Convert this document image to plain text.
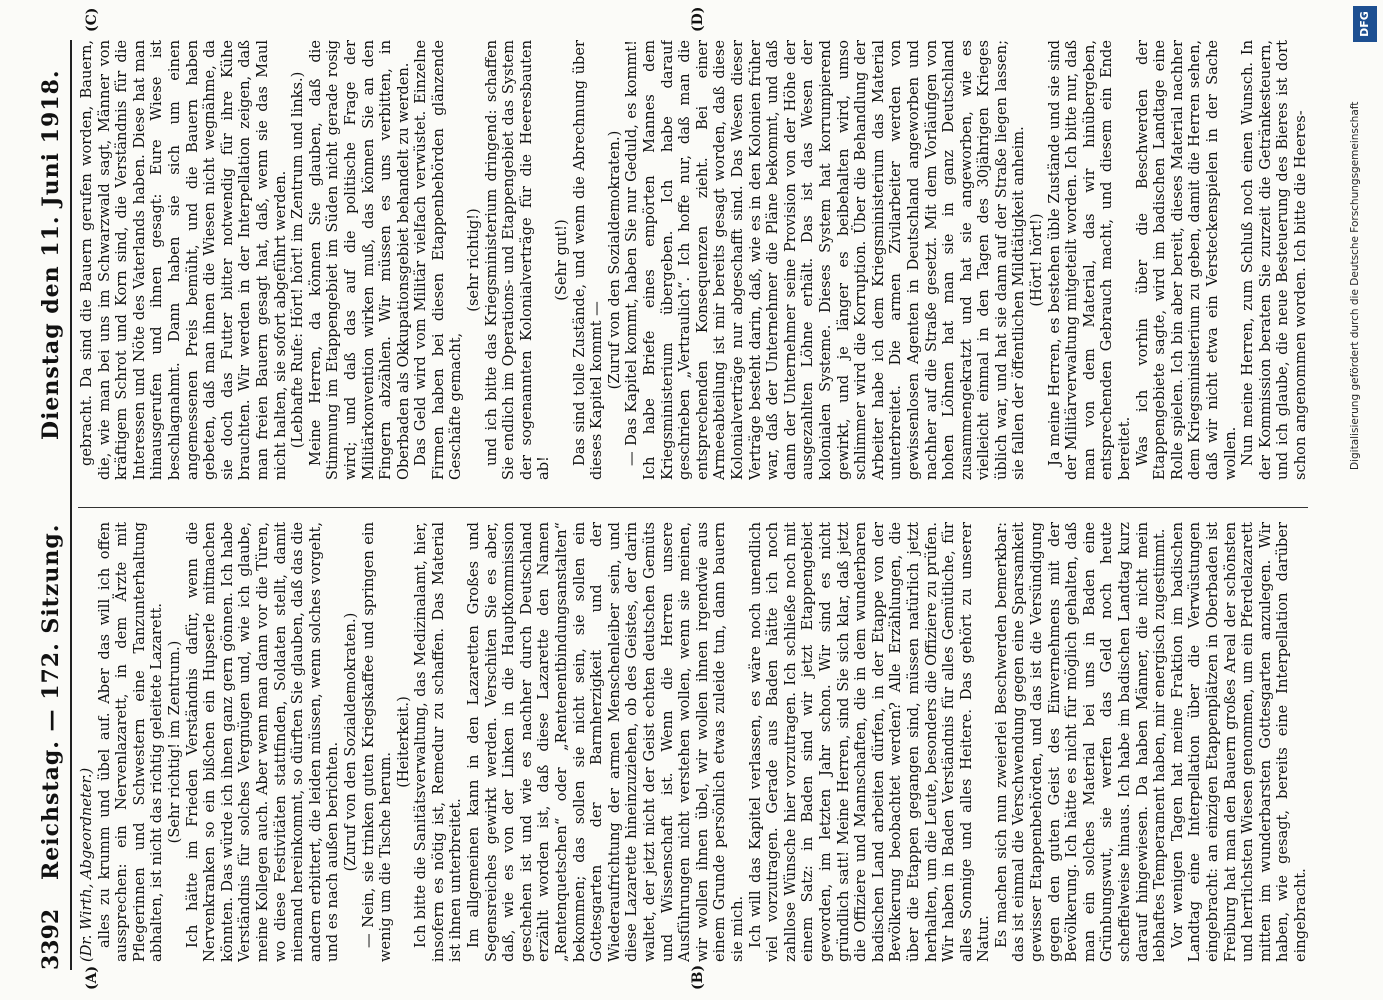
3392
Reichstag. — 172. Sitzung.
Dienstag den 11. Juni 1918.
(A)	(B)
(C)	(D)

(Dr. Wirth, Abgeordneter.) alles zu krumm und übel auf. Aber das will ich offen aussprechen: ein Nervenlazarett, in dem Ärzte mit Pflegerinnen und Schwestern eine Tanzunterhaltung abhalten, ist nicht das richtig geleitete Lazarett. (Sehr richtig! im Zentrum.) Ich hätte im Frieden Verständnis dafür, wenn die Nervenkranken so ein bißchen ein Hupserle mitmachen könnten. Das würde ich ihnen ganz gern gönnen. Ich habe Verständnis für solches Vergnügen und, wie ich glaube, meine Kollegen auch. Aber wenn man dann vor die Türen, wo diese Festivitäten stattfinden, Soldaten stellt, damit niemand hereinkommt, so dürften Sie glauben, daß das die andern erbittert, die leiden müssen, wenn solches vorgeht, und es nach außen berichten. (Zuruf von den Sozialdemokraten.) — Nein, sie trinken guten Kriegskaffee und springen ein wenig um die Tische herum.

(Heiterkeit.) Ich bitte die Sanitätsverwaltung, das Medizinalamt, hier, insofern es nötig ist, Remedur zu schaffen. Das Material ist ihnen unterbreitet. Im allgemeinen kann in den Lazaretten Großes und Segensreiches gewirkt werden. Verschiten Sie es aber, daß, wie es von der Linken in die Hauptkommission geschehen ist und wie es nachher durch Deutschland erzählt worden ist, daß diese Lazarette den Namen „Rentenquetschen“ oder „Rentenentbindungsanstalten“ bekommen; das sollen sie nicht sein, sie sollen ein Gottesgarten der Barmherzigkeit und der Wiederaufrichtung der armen Menschenleiber sein, und diese Lazarette hineinzuziehen, ob des Geistes, der darin waltet, der jetzt nicht der Geist echten deutschen Gemüts und Wissenschaft ist. Wenn die Herren unsere Ausführungen nicht verstehen wollen, wenn sie meinen, wir wollen ihnen übel, wir wollen ihnen irgendwie aus einem Grunde persönlich etwas zuleide tun, dann bauern sie mich. Ich will das Kapitel verlassen, es wäre noch unendlich viel vorzutragen. Gerade aus Baden hätte ich noch zahllose Wünsche hier vorzutragen. Ich schließe noch mit einem Satz: in Baden sind wir jetzt Etappengebiet geworden, im letzten Jahr schon. Wir sind es nicht gründlich satt! Meine Herren, sind Sie sich klar, daß jetzt die Offiziere und Mannschaften, die in dem wunderbaren badischen Land arbeiten dürfen, in der Etappe von der Bevölkerung beobachtet werden? Alle Erzählungen, die über die Etappen gegangen sind, müssen natürlich jetzt herhalten, um die Leute, besonders die Offiziere zu prüfen. Wir haben in Baden Verständnis für alles Gemütliche, für alles Sonnige und alles Heitere. Das gehört zu unserer Natur. Es machen sich nun zweierlei Beschwerden bemerkbar: das ist einmal die Verschwendung gegen eine Sparsamkeit gewisser Etappenbehörden, und das ist die Versündigung gegen den guten Geist des Einvernehmens mit der Bevölkerung. Ich hätte es nicht für möglich gehalten, daß man ein solches Material bei uns in Baden eine Grünbungswut, sie werfen das Geld noch heute scheffelweise hinaus. Ich habe im badischen Landtag kurz darauf hingewiesen. Da haben Männer, die nicht mein lebhaftes Temperament haben, mir energisch zugestimmt. Vor wenigen Tagen hat meine Fraktion im badischen Landtag eine Interpellation über die Verwüstungen eingebracht: an einzigen Etappenplätzen in Oberbaden ist Freiburg hat man den Bauern großes Areal der schönsten und herrlichsten Wiesen genommen, um ein Pferdelazarett mitten im wunderbarsten Gottesgarten anzulegen. Wir haben, wie gesagt, bereits eine Interpellation darüber eingebracht.

gebracht. Da sind die Bauern gerufen worden, Bauern, die, wie man bei uns im Schwarzwald sagt, Männer von kräftigem Schrot und Korn sind, die Verständnis für die Interessen und Nöte des Vaterlands haben. Diese hat man hinausgerufen und ihnen gesagt: Eure Wiese ist beschlagnahmt. Dann haben sie sich um einen angemessenen Preis bemüht, und die Bauern haben gebeten, daß man ihnen die Wiesen nicht wegnähme, da sie doch das Futter bitter notwendig für ihre Kühe brauchten. Wir werden in der Interpellation zeigen, daß man freien Bauern gesagt hat, daß, wenn sie das Maul nicht halten, sie sofort abgeführt werden. (Lebhafte Rufe: Hört! hört! im Zentrum und links.) Meine Herren, da können Sie glauben, daß die Stimmung im Etappengebiet im Süden nicht gerade rosig wird; und daß das auf die politische Frage der Militärkonvention wirken muß, das können Sie an den Fingern abzählen. Wir müssen es uns verbitten, in Oberbaden als Okkupationsgebiet behandelt zu werden. Das Geld wird vom Militär vielfach verwüstet. Einzelne Firmen haben bei diesen Etappenbehörden glänzende Geschäfte gemacht,

(sehr richtig!) und ich bitte das Kriegsministerium dringend: schaffen Sie endlich im Operations- und Etappengebiet das System der sogenannten Kolonialverträge für die Heeresbauten ab!

(Sehr gut!) Das sind tolle Zustände, und wenn die Abrechnung über dieses Kapitel kommt —

(Zuruf von den Sozialdemokraten.) — Das Kapitel kommt, haben Sie nur Geduld, es kommt! Ich habe Briefe eines empörten Mannes dem Kriegsministerium übergeben. Ich habe darauf geschrieben „Vertraulich“. Ich hoffe nur, daß man die entsprechenden Konsequenzen zieht. Bei einer Armeeabteilung ist mir bereits gesagt worden, daß diese Kolonialverträge nur abgeschafft sind. Das Wesen dieser Verträge besteht darin, daß, wie es in den Kolonien früher war, daß der Unternehmer die Pläne bekommt, und daß dann der Unternehmer seine Provision von der Höhe der ausgezahlten Löhne erhält. Das ist das Wesen der kolonialen Systeme. Dieses System hat korrumpierend gewirkt, und je länger es beibehalten wird, umso schlimmer wird die Korruption. Über die Behandlung der Arbeiter habe ich dem Kriegsministerium das Material unterbreitet. Die armen Zivilarbeiter werden von gewissenlosen Agenten in Deutschland angeworben und nachher auf die Straße gesetzt. Mit dem Vorläufigen von hohen Löhnen hat man sie in ganz Deutschland zusammengekratzt und hat sie angeworben, wie es vielleicht einmal in den Tagen des 30jährigen Krieges üblich war, und hat sie dann auf der Straße liegen lassen; sie fallen der öffentlichen Mildtätigkeit anheim. (Hört! hört!) Ja meine Herren, es bestehen üble Zustände und sie sind der Militärverwaltung mitgeteilt worden. Ich bitte nur, daß man von dem Material, das wir hinübergeben, entsprechenden Gebrauch macht, und diesem ein Ende bereitet. Was ich vorhin über die Beschwerden der Etappengebiete sagte, wird im badischen Landtage eine Rolle spielen. Ich bin aber bereit, dieses Material nachher dem Kriegsministerium zu geben, damit die Herren sehen, daß wir nicht etwa ein Versteckenspielen in der Sache wollen. Nun meine Herren, zum Schluß noch einen Wunsch. In der Kommission beraten Sie zurzeit die Getränkesteuern, und ich glaube, die neue Besteuerung des Bieres ist dort schon angenommen worden. Ich bitte die Heeres-	Digitalisierung gefördert durch die Deutsche Forschungsgemeinschaft
DFG
